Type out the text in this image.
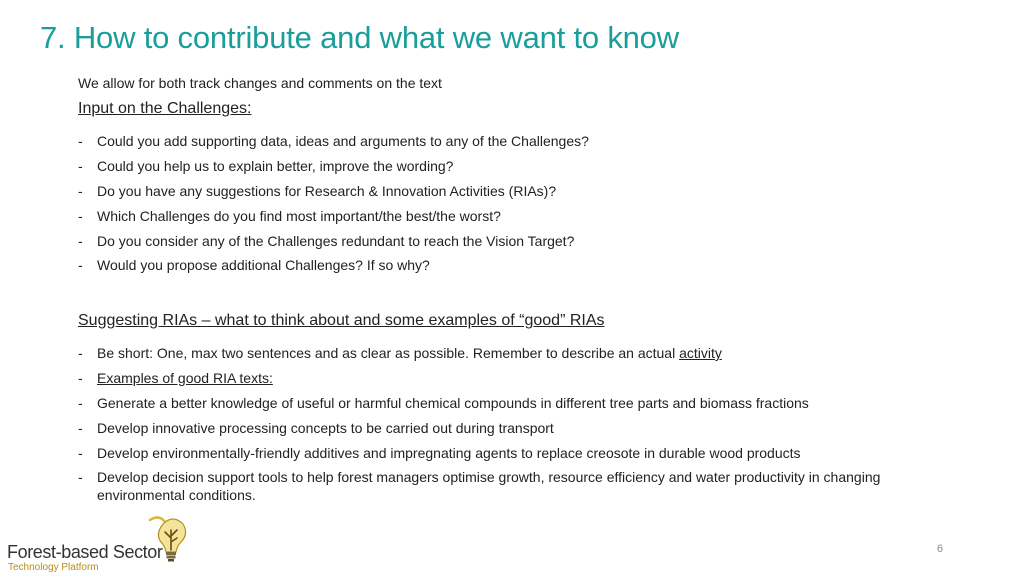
7. How to contribute and what we want to know
We allow for both track changes and comments on the text
Input on the Challenges:
- Could you add supporting data, ideas and arguments to any of the Challenges?
- Could you help us to explain better, improve the wording?
- Do you have any suggestions for Research & Innovation Activities (RIAs)?
- Which Challenges do you find most important/the best/the worst?
- Do you consider any of the Challenges redundant to reach the Vision Target?
- Would you propose additional Challenges? If so why?
Suggesting RIAs – what to think about and some examples of “good” RIAs
- Be short: One, max two sentences and as clear as possible. Remember to describe an actual activity
- Examples of good RIA texts:
- Generate a better knowledge of useful or harmful chemical compounds in different tree parts and biomass fractions
- Develop innovative processing concepts to be carried out during transport
- Develop environmentally-friendly additives and impregnating agents to replace creosote in durable wood products
- Develop decision support tools to help forest managers optimise growth, resource efficiency and water productivity in changing environmental conditions.
Forest-based Sector
Technology Platform
6
